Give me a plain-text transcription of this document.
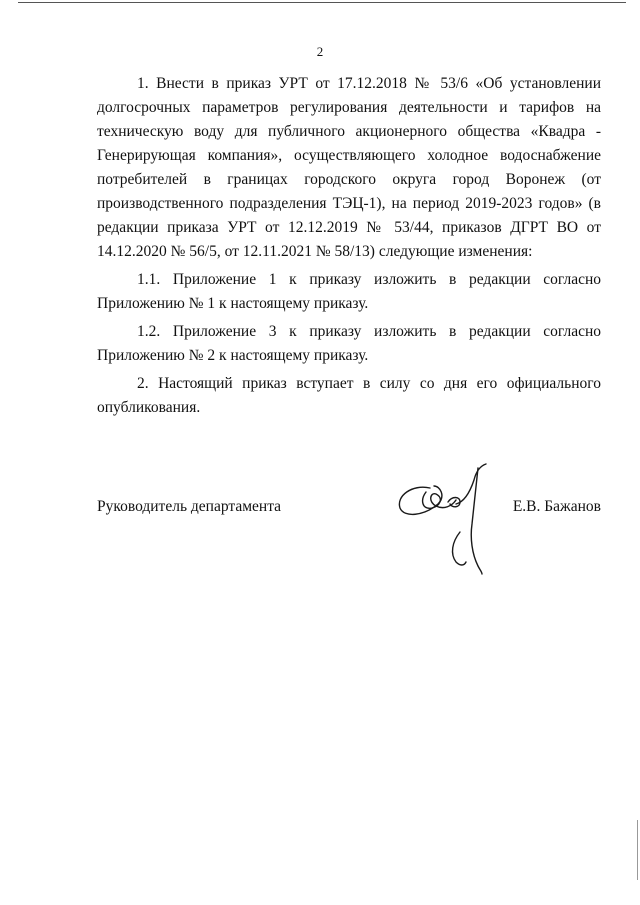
2

1. Внести в приказ УРТ от 17.12.2018 № 53/6 «Об установлении долгосрочных параметров регулирования деятельности и тарифов на техническую воду для публичного акционерного общества «Квадра - Генерирующая компания», осуществляющего холодное водоснабжение потребителей в границах городского округа город Воронеж (от производственного подразделения ТЭЦ-1), на период 2019-2023 годов» (в редакции приказа УРТ от 12.12.2019 № 53/44, приказов ДГРТ ВО от 14.12.2020 № 56/5, от 12.11.2021 № 58/13) следующие изменения:

1.1. Приложение 1 к приказу изложить в редакции согласно Приложению № 1 к настоящему приказу.

1.2. Приложение 3 к приказу изложить в редакции согласно Приложению № 2 к настоящему приказу.

2. Настоящий приказ вступает в силу со дня его официального опубликования.

Руководитель департамента	Е.В. Бажанов
